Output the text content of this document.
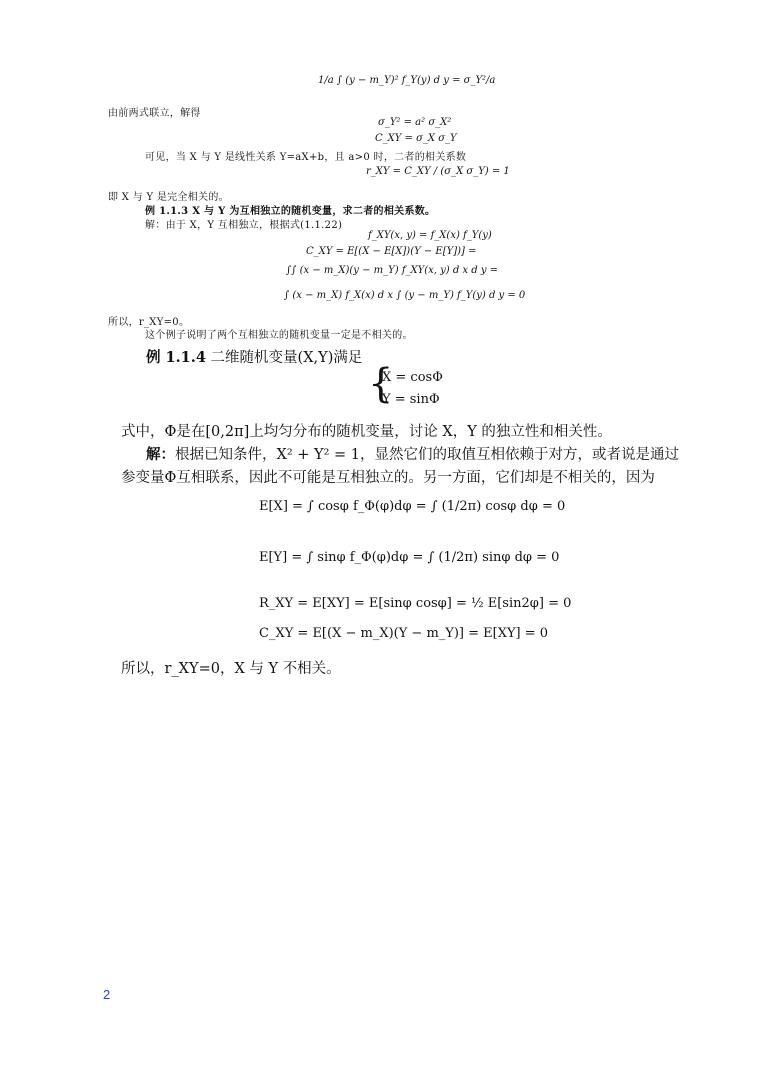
1/a ∫ (y − m_Y)² f_Y(y) d y = σ_Y²/a
由前两式联立，解得
σ_Y² = a² σ_X²
C_XY = σ_X σ_Y
可见，当 X 与 Y 是线性关系 Y=aX+b，且 a>0 时，二者的相关系数
r_XY = C_XY / (σ_X σ_Y) = 1
即 X 与 Y 是完全相关的。
例 1.1.3 X 与 Y 为互相独立的随机变量，求二者的相关系数。
解：由于 X，Y 互相独立，根据式(1.1.22)
f_XY(x, y) = f_X(x) f_Y(y)
C_XY = E[(X − E[X])(Y − E[Y])] =
∫∫ (x − m_X)(y − m_Y) f_XY(x, y) d x d y =
∫ (x − m_X) f_X(x) d x ∫ (y − m_Y) f_Y(y) d y = 0
所以，r_XY=0。
这个例子说明了两个互相独立的随机变量一定是不相关的。
例 1.1.4 二维随机变量(X,Y)满足
{
X = cosΦ
Y = sinΦ
式中，Φ是在[0,2π]上均匀分布的随机变量，讨论 X，Y 的独立性和相关性。
解：根据已知条件，X² + Y² = 1，显然它们的取值互相依赖于对方，或者说是通过
参变量Φ互相联系，因此不可能是互相独立的。另一方面，它们却是不相关的，因为
E[X] = ∫ cosφ f_Φ(φ)dφ = ∫ (1/2π) cosφ dφ = 0
E[Y] = ∫ sinφ f_Φ(φ)dφ = ∫ (1/2π) sinφ dφ = 0
R_XY = E[XY] = E[sinφ cosφ] = ½ E[sin2φ] = 0
C_XY = E[(X − m_X)(Y − m_Y)] = E[XY] = 0
所以，r_XY=0，X 与 Y 不相关。
2
